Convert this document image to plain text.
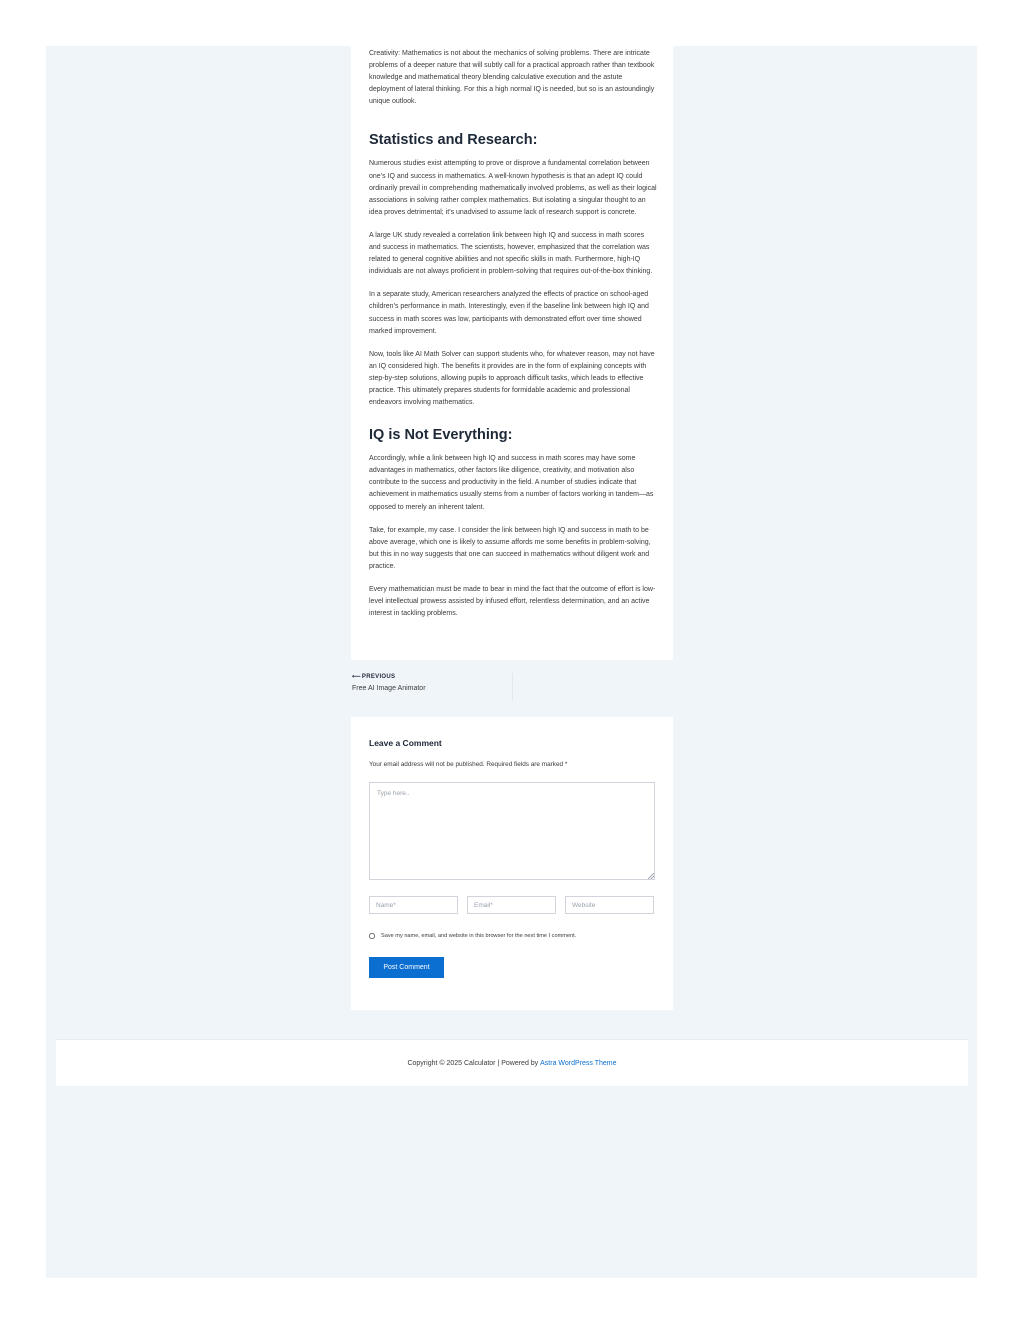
Creativity: Mathematics is not about the mechanics of solving problems. There are intricate problems of a deeper nature that will subtly call for a practical approach rather than textbook knowledge and mathematical theory blending calculative execution and the astute deployment of lateral thinking. For this a high normal IQ is needed, but so is an astoundingly unique outlook.

Statistics and Research:

Numerous studies exist attempting to prove or disprove a fundamental correlation between one’s IQ and success in mathematics. A well-known hypothesis is that an adept IQ could ordinarily prevail in comprehending mathematically involved problems, as well as their logical associations in solving rather complex mathematics. But isolating a singular thought to an idea proves detrimental; it’s unadvised to assume lack of research support is concrete.

A large UK study revealed a correlation link between high IQ and success in math scores and success in mathematics. The scientists, however, emphasized that the correlation was related to general cognitive abilities and not specific skills in math. Furthermore, high-IQ individuals are not always proficient in problem-solving that requires out-of-the-box thinking.

In a separate study, American researchers analyzed the effects of practice on school-aged children’s performance in math. Interestingly, even if the baseline link between high IQ and success in math scores was low, participants with demonstrated effort over time showed marked improvement.

Now, tools like AI Math Solver can support students who, for whatever reason, may not have an IQ considered high. The benefits it provides are in the form of explaining concepts with step-by-step solutions, allowing pupils to approach difficult tasks, which leads to effective practice. This ultimately prepares students for formidable academic and professional endeavors involving mathematics.

IQ is Not Everything:

Accordingly, while a link between high IQ and success in math scores may have some advantages in mathematics, other factors like diligence, creativity, and motivation also contribute to the success and productivity in the field. A number of studies indicate that achievement in mathematics usually stems from a number of factors working in tandem—as opposed to merely an inherent talent.

Take, for example, my case. I consider the link between high IQ and success in math to be above average, which one is likely to assume affords me some benefits in problem-solving, but this in no way suggests that one can succeed in mathematics without diligent work and practice.

Every mathematician must be made to bear in mind the fact that the outcome of effort is low-level intellectual prowess assisted by infused effort, relentless determination, and an active interest in tackling problems.

⟵ PREVIOUS
Free AI Image Animator
Leave a Comment
Your email address will not be published. Required fields are marked *
Type here..
Name*
Email*
Website
Save my name, email, and website in this browser for the next time I comment.
Post Comment
Copyright © 2025 Calculator | Powered by
Astra WordPress Theme
